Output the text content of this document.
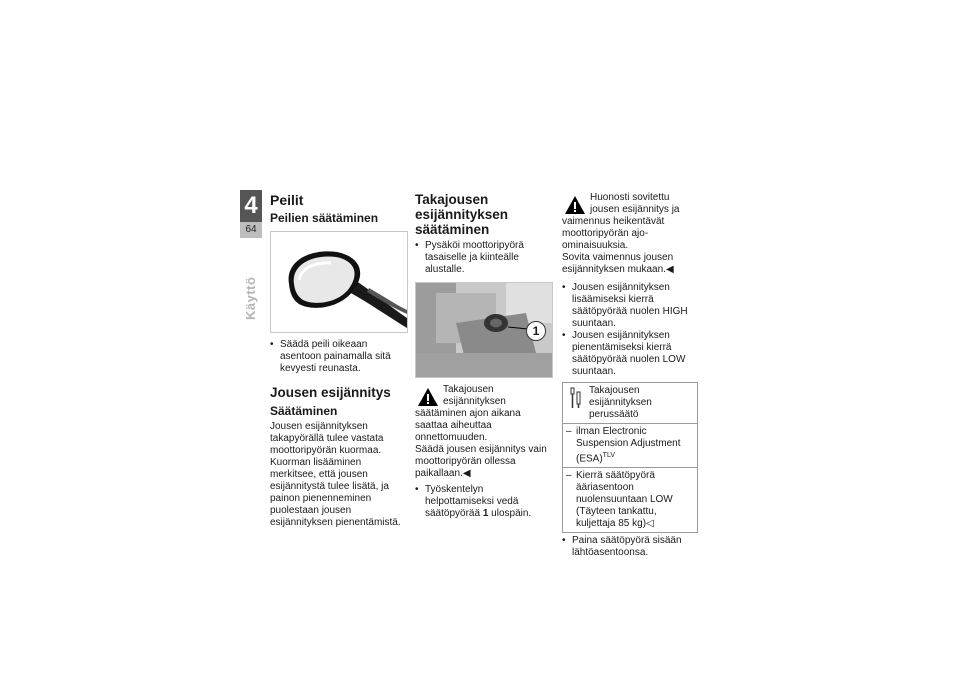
4
64
Käyttö
Peilit
Peilien säätäminen

• Säädä peili oikeaan asentoon painamalla sitä kevyesti reunasta.

Jousen esijännitys
Säätäminen

Jousen esijännityksen takapyörällä tulee vastata moottoripyörän kuormaa. Kuorman lisääminen merkitsee, että jousen esijännitystä tulee lisätä, ja painon pienenneminen puolestaan jousen esijännityksen pienentämistä.

Takajousen esijännityksen säätäminen

• Pysäköi moottoripyörä tasaiselle ja kiinteälle alustalle.

1

Takajousen esijännityksen säätäminen ajon aikana saattaa aiheuttaa onnettomuuden.

Säädä jousen esijännitys vain moottoripyörän ollessa paikallaan.◀

• Työskentelyn helpottamiseksi vedä säätöpyörää 1 ulospäin.

Huonosti sovitettu jousen esijännitys ja vaimennus heikentävät moottoripyörän ajo-ominaisuuksia.

Sovita vaimennus jousen esijännityksen mukaan.◀

• Jousen esijännityksen lisäämiseksi kierrä säätöpyörää nuolen HIGH suuntaan.

• Jousen esijännityksen pienentämiseksi kierrä säätöpyörää nuolen LOW suuntaan.

Takajousen esijännityksen perussäätö

– ilman Electronic Suspension Adjustment (ESA)$^{TLV}$

– Kierrä säätöpyörä ääriasentoon nuolensuuntaan LOW (Täyteen tankattu, kuljettaja 85 kg)◁

• Paina säätöpyörä sisään lähtöasentoonsa.
